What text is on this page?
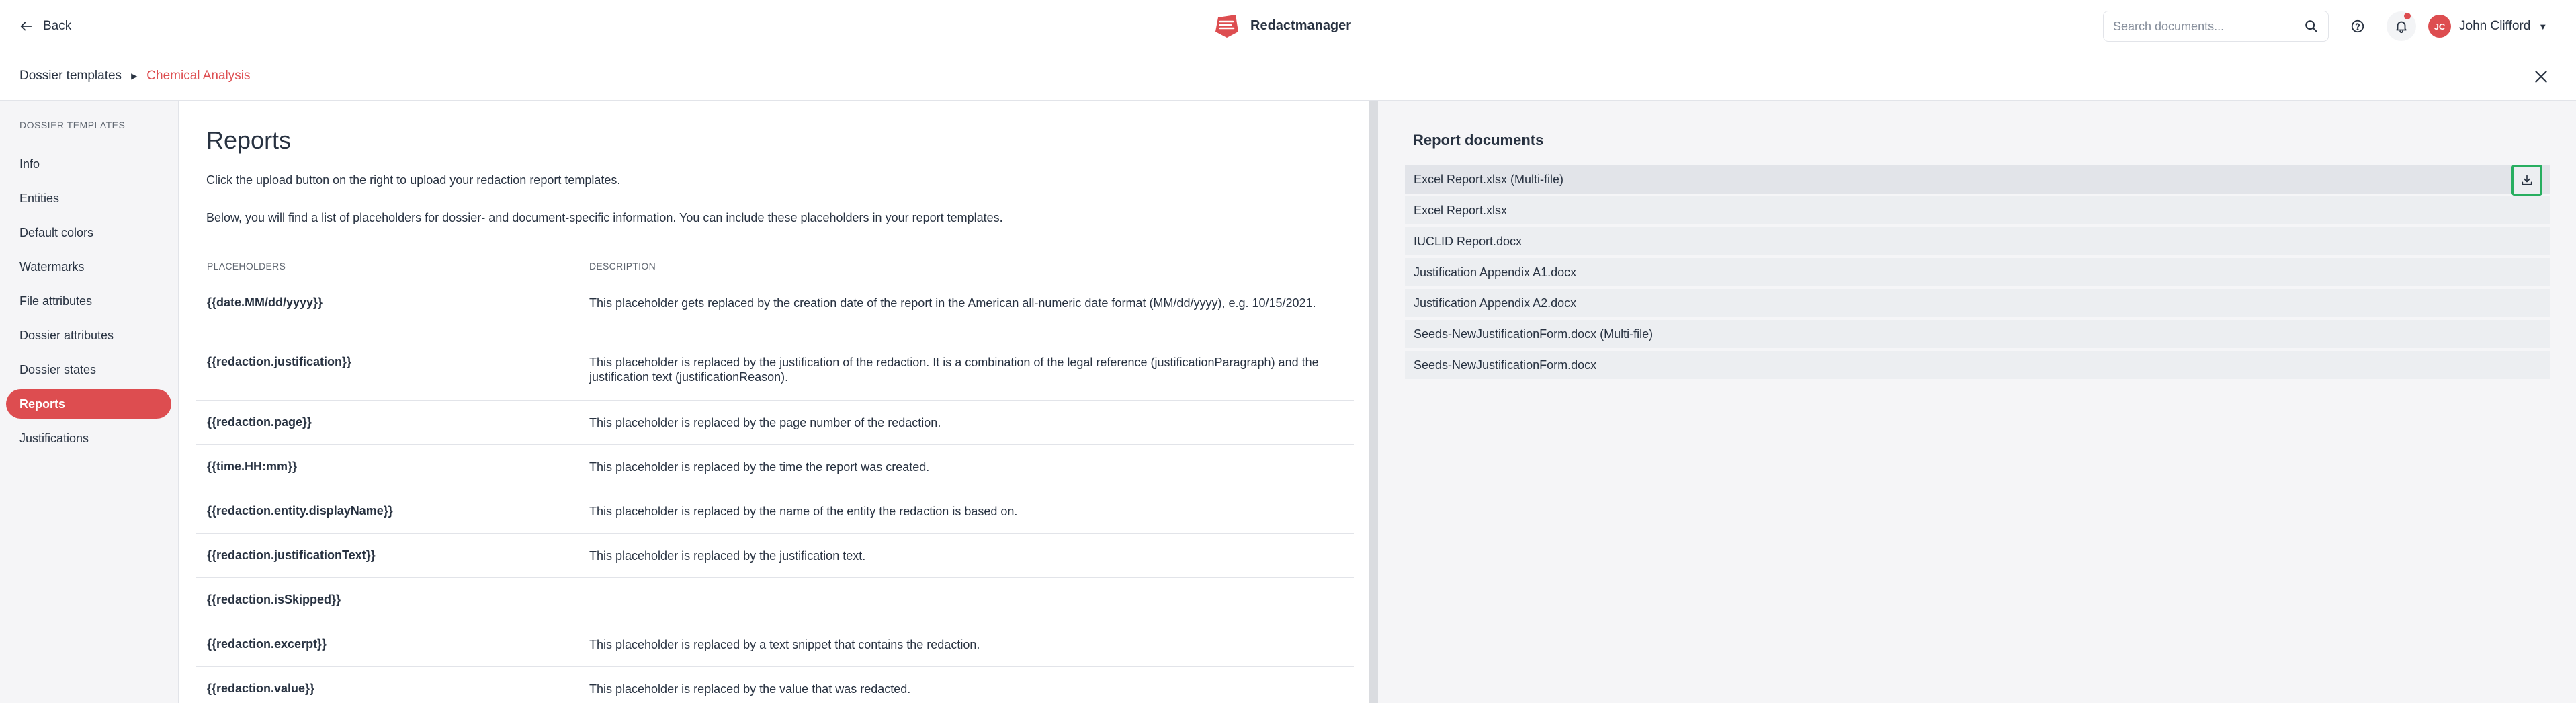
Back	Redactmanager
Search documents...	JC	John Clifford ▼
Dossier templates ▶ Chemical Analysis
DOSSIER TEMPLATES
Info
Entities
Default colors
Watermarks
File attributes
Dossier attributes
Dossier states
Reports
Justifications
Reports

Click the upload button on the right to upload your redaction report templates.

Below, you will find a list of placeholders for dossier- and document-specific information. You can include these placeholders in your report templates.

PLACEHOLDERS	DESCRIPTION
{{date.MM/dd/yyyy}}	This placeholder gets replaced by the creation date of the report in the American all-numeric date format (MM/dd/yyyy), e.g. 10/15/2021.
{{redaction.justification}}	This placeholder is replaced by the justification of the redaction. It is a combination of the legal reference (justificationParagraph) and the justification text (justificationReason).
{{redaction.page}}	This placeholder is replaced by the page number of the redaction.
{{time.HH:mm}}	This placeholder is replaced by the time the report was created.
{{redaction.entity.displayName}}	This placeholder is replaced by the name of the entity the redaction is based on.
{{redaction.justificationText}}	This placeholder is replaced by the justification text.
{{redaction.isSkipped}}
{{redaction.excerpt}}	This placeholder is replaced by a text snippet that contains the redaction.
{{redaction.value}}	This placeholder is replaced by the value that was redacted.
Report documents
Excel Report.xlsx (Multi-file)
Excel Report.xlsx
IUCLID Report.docx
Justification Appendix A1.docx
Justification Appendix A2.docx
Seeds-NewJustificationForm.docx (Multi-file)
Seeds-NewJustificationForm.docx
